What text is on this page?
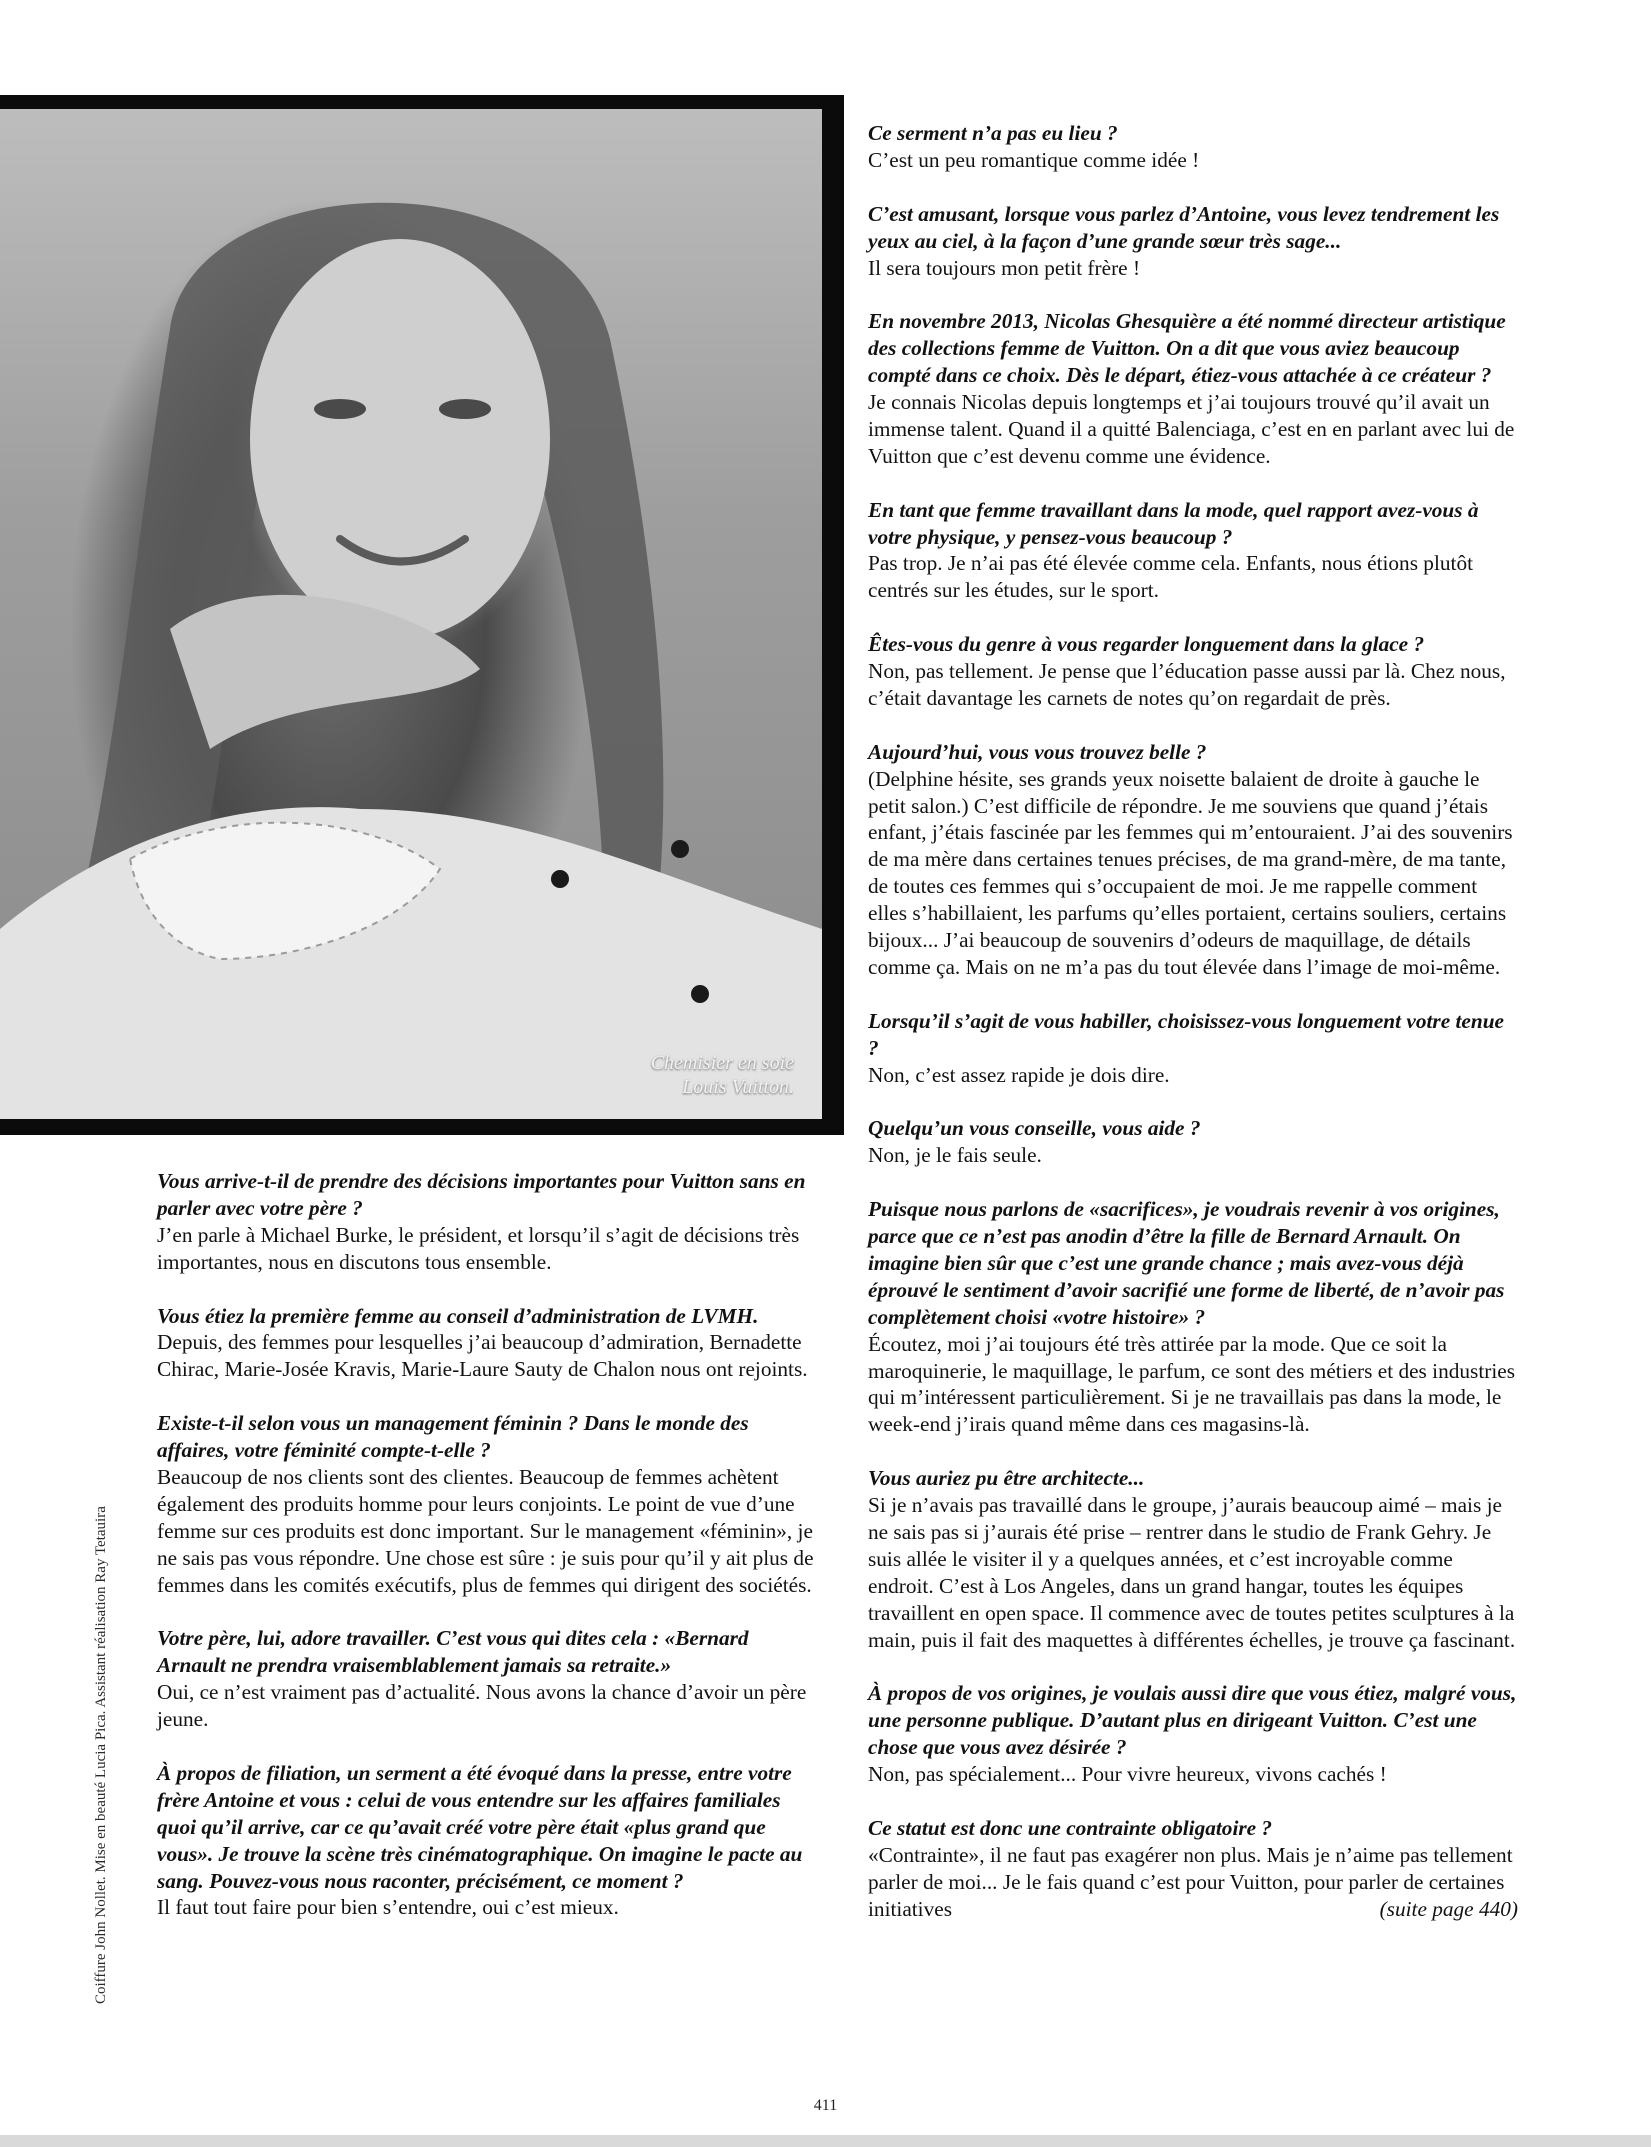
Chemisier en soie
Louis Vuitton.
Ce serment n’a pas eu lieu ?
C’est un peu romantique comme idée !
C’est amusant, lorsque vous parlez d’Antoine, vous levez tendrement les yeux au ciel, à la façon d’une grande sœur très sage...
Il sera toujours mon petit frère !
En novembre 2013, Nicolas Ghesquière a été nommé directeur artistique des collections femme de Vuitton. On a dit que vous aviez beaucoup compté dans ce choix. Dès le départ, étiez-vous attachée à ce créateur ?
Je connais Nicolas depuis longtemps et j’ai toujours trouvé qu’il avait un immense talent. Quand il a quitté Balenciaga, c’est en en parlant avec lui de Vuitton que c’est devenu comme une évidence.
En tant que femme travaillant dans la mode, quel rapport avez-vous à votre physique, y pensez-vous beaucoup ?
Pas trop. Je n’ai pas été élevée comme cela. Enfants, nous étions plutôt centrés sur les études, sur le sport.
Êtes-vous du genre à vous regarder longuement dans la glace ?
Non, pas tellement. Je pense que l’éducation passe aussi par là. Chez nous, c’était davantage les carnets de notes qu’on regardait de près.
Aujourd’hui, vous vous trouvez belle ?
(Delphine hésite, ses grands yeux noisette balaient de droite à gauche le petit salon.) C’est difficile de répondre. Je me souviens que quand j’étais enfant, j’étais fascinée par les femmes qui m’entouraient. J’ai des souvenirs de ma mère dans certaines tenues précises, de ma grand-mère, de ma tante, de toutes ces femmes qui s’occupaient de moi. Je me rappelle comment elles s’habillaient, les parfums qu’elles portaient, certains souliers, certains bijoux... J’ai beaucoup de souvenirs d’odeurs de maquillage, de détails comme ça. Mais on ne m’a pas du tout élevée dans l’image de moi-même.
Lorsqu’il s’agit de vous habiller, choisissez-vous longuement votre tenue ?
Non, c’est assez rapide je dois dire.
Quelqu’un vous conseille, vous aide ?
Non, je le fais seule.
Puisque nous parlons de «sacrifices», je voudrais revenir à vos origines, parce que ce n’est pas anodin d’être la fille de Bernard Arnault. On imagine bien sûr que c’est une grande chance ; mais avez-vous déjà éprouvé le sentiment d’avoir sacrifié une forme de liberté, de n’avoir pas complètement choisi «votre histoire» ?
Écoutez, moi j’ai toujours été très attirée par la mode. Que ce soit la maroquinerie, le maquillage, le parfum, ce sont des métiers et des industries qui m’intéressent particulièrement. Si je ne travaillais pas dans la mode, le week-end j’irais quand même dans ces magasins-là.
Vous auriez pu être architecte...
Si je n’avais pas travaillé dans le groupe, j’aurais beaucoup aimé – mais je ne sais pas si j’aurais été prise – rentrer dans le studio de Frank Gehry. Je suis allée le visiter il y a quelques années, et c’est incroyable comme endroit. C’est à Los Angeles, dans un grand hangar, toutes les équipes travaillent en open space. Il commence avec de toutes petites sculptures à la main, puis il fait des maquettes à différentes échelles, je trouve ça fascinant.
À propos de vos origines, je voulais aussi dire que vous étiez, malgré vous, une personne publique. D’autant plus en dirigeant Vuitton. C’est une chose que vous avez désirée ?
Non, pas spécialement... Pour vivre heureux, vivons cachés !
Ce statut est donc une contrainte obligatoire ?
«Contrainte», il ne faut pas exagérer non plus. Mais je n’aime pas tellement parler de moi... Je le fais quand c’est pour Vuitton, pour parler de certaines initiatives	(suite page 440)
Vous arrive-t-il de prendre des décisions importantes pour Vuitton sans en parler avec votre père ?
J’en parle à Michael Burke, le président, et lorsqu’il s’agit de décisions très importantes, nous en discutons tous ensemble.
Vous étiez la première femme au conseil d’administration de LVMH.
Depuis, des femmes pour lesquelles j’ai beaucoup d’admiration, Bernadette Chirac, Marie-Josée Kravis, Marie-Laure Sauty de Chalon nous ont rejoints.
Existe-t-il selon vous un management féminin ? Dans le monde des affaires, votre féminité compte-t-elle ?
Beaucoup de nos clients sont des clientes. Beaucoup de femmes achètent également des produits homme pour leurs conjoints. Le point de vue d’une femme sur ces produits est donc important. Sur le management «féminin», je ne sais pas vous répondre. Une chose est sûre : je suis pour qu’il y ait plus de femmes dans les comités exécutifs, plus de femmes qui dirigent des sociétés.
Votre père, lui, adore travailler. C’est vous qui dites cela : «Bernard Arnault ne prendra vraisemblablement jamais sa retraite.»
Oui, ce n’est vraiment pas d’actualité. Nous avons la chance d’avoir un père jeune.
À propos de filiation, un serment a été évoqué dans la presse, entre votre frère Antoine et vous : celui de vous entendre sur les affaires familiales quoi qu’il arrive, car ce qu’avait créé votre père était «plus grand que vous». Je trouve la scène très cinématographique. On imagine le pacte au sang. Pouvez-vous nous raconter, précisément, ce moment ?
Il faut tout faire pour bien s’entendre, oui c’est mieux.
Coiffure John Nollet. Mise en beauté Lucia Pica. Assistant réalisation Ray Tetauira
411
